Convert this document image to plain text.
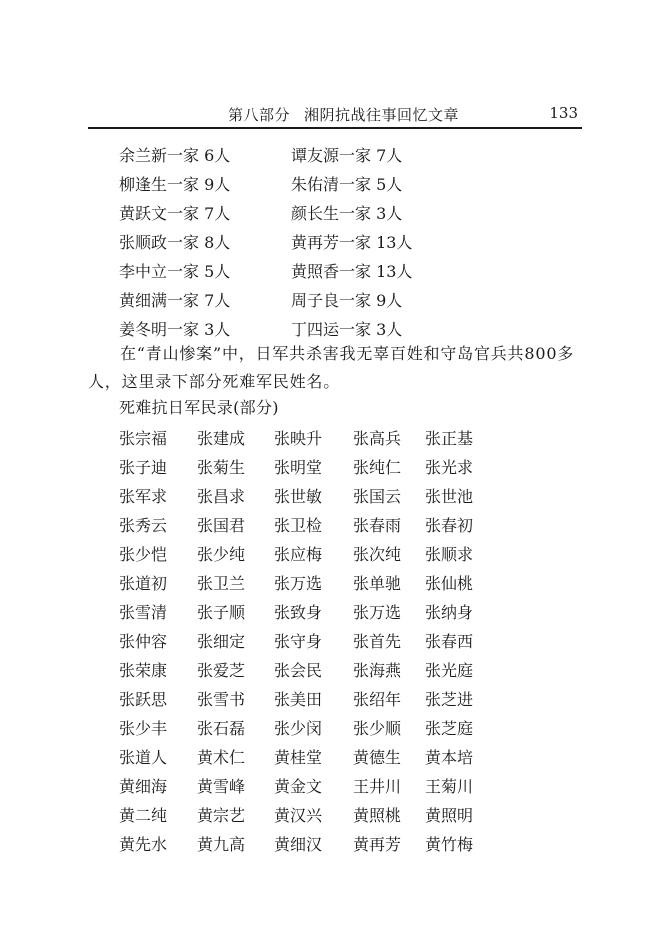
第八部分 湘阴抗战往事回忆文章	133
余兰新一家 6人	谭友源一家 7人
柳逢生一家 9人	朱佑清一家 5人
黄跃文一家 7人	颜长生一家 3人
张顺政一家 8人	黄再芳一家 13人
李中立一家 5人	黄照香一家 13人
黄细满一家 7人	周子良一家 9人
姜冬明一家 3人	丁四运一家 3人

在“青山惨案”中，日军共杀害我无辜百姓和守岛官兵共800多人，这里录下部分死难军民姓名。

死难抗日军民录(部分)
张宗福	张建成	张映升	张高兵	张正基
张子迪	张菊生	张明堂	张纯仁	张光求
张军求	张昌求	张世敏	张国云	张世池
张秀云	张国君	张卫检	张春雨	张春初
张少恺	张少纯	张应梅	张次纯	张顺求
张道初	张卫兰	张万选	张单驰	张仙桃
张雪清	张子顺	张致身	张万选	张纳身
张仲容	张细定	张守身	张首先	张春西
张荣康	张爱芝	张会民	张海燕	张光庭
张跃思	张雪书	张美田	张绍年	张芝进
张少丰	张石磊	张少闵	张少顺	张芝庭
张道人	黄术仁	黄桂堂	黄德生	黄本培
黄细海	黄雪峰	黄金文	王井川	王菊川
黄二纯	黄宗艺	黄汉兴	黄照桃	黄照明
黄先水	黄九高	黄细汉	黄再芳	黄竹梅
